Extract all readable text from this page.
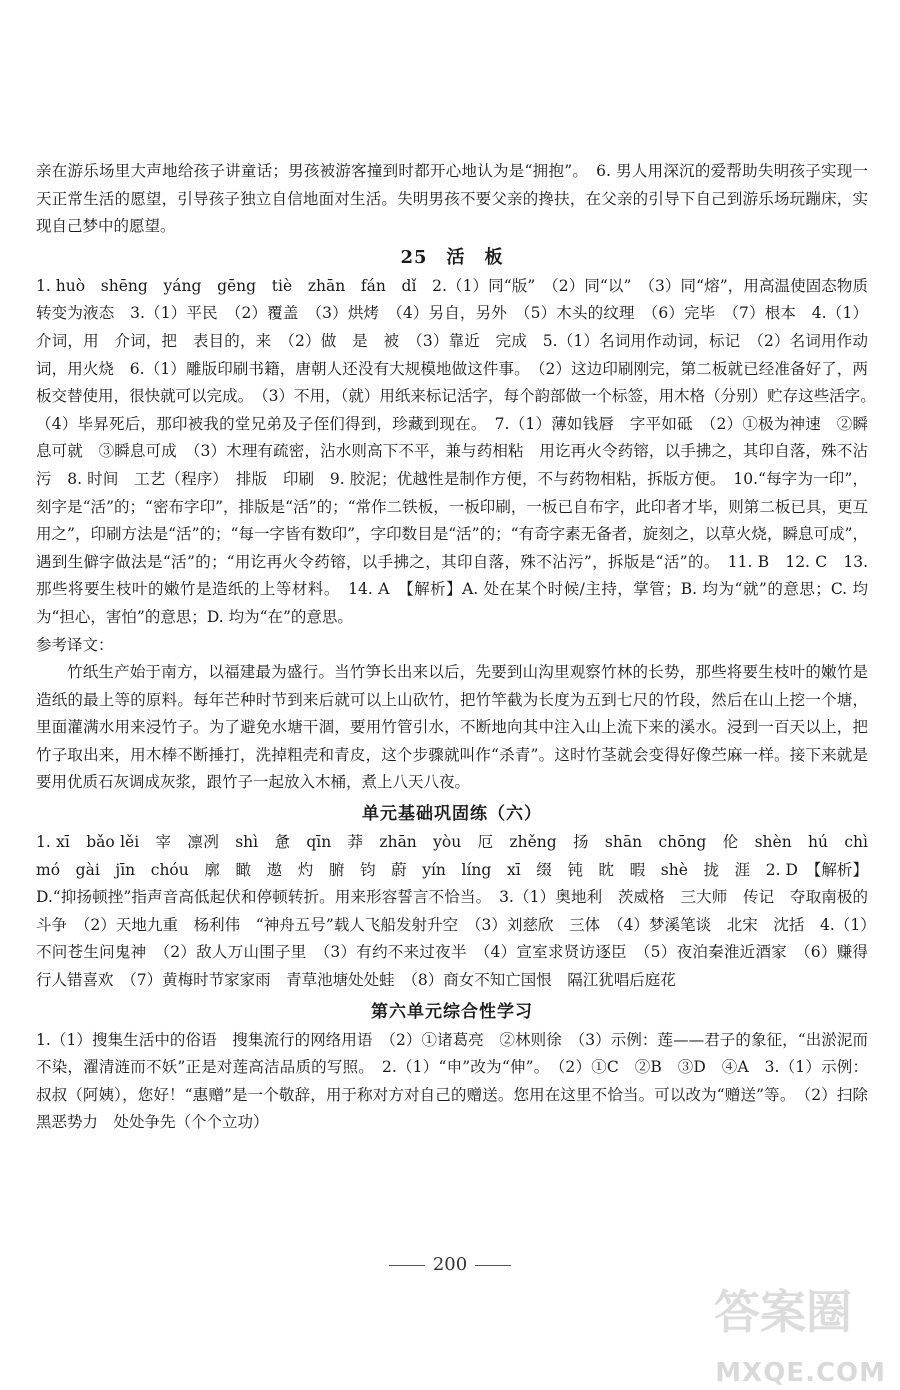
亲在游乐场里大声地给孩子讲童话；男孩被游客撞到时都开心地认为是“拥抱”。　6. 男人用深沉的爱帮助失明孩子实现一天正常生活的愿望，引导孩子独立自信地面对生活。失明男孩不要父亲的搀扶，在父亲的引导下自己到游乐场玩蹦床，实现自己梦中的愿望。

25　活　板

1. huò　shēng　yáng　gēng　tiè　zhān　fán　dǐ　2.（1）同“版”　（2）同“以”　（3）同“熔”，用高温使固态物质转变为液态　3.（1）平民　（2）覆盖　（3）烘烤　（4）另自，另外　（5）木头的纹理　（6）完毕　（7）根本　4.（1）介词，用　介词，把　表目的，来　（2）做　是　被　（3）靠近　完成　5.（1）名词用作动词，标记　（2）名词用作动词，用火烧　6.（1）雕版印刷书籍，唐朝人还没有大规模地做这件事。　（2）这边印刷刚完，第二板就已经准备好了，两板交替使用，很快就可以完成。　（3）不用，（就）用纸来标记活字，每个韵部做一个标签，用木格（分别）贮存这些活字。　（4）毕昇死后，那印被我的堂兄弟及子侄们得到，珍藏到现在。　7.（1）薄如钱唇　字平如砥　（2）①极为神速　②瞬息可就　③瞬息可成　（3）木理有疏密，沾水则高下不平，兼与药相粘　用讫再火令药镕，以手拂之，其印自落，殊不沾污　8. 时间　工艺（程序）　排版　印刷　9. 胶泥；优越性是制作方便，不与药物相粘，拆版方便。　10.“每字为一印”，刻字是“活”的；“密布字印”，排版是“活”的；“常作二铁板，一板印刷，一板已自布字，此印者才毕，则第二板已具，更互用之”，印刷方法是“活”的；“每一字皆有数印”，字印数目是“活”的；“有奇字素无备者，旋刻之，以草火烧，瞬息可成”，遇到生僻字做法是“活”的；“用讫再火令药镕，以手拂之，其印自落，殊不沾污”，拆版是“活”的。　11. B　12. C　13. 那些将要生枝叶的嫩竹是造纸的上等材料。　14. A　【解析】A. 处在某个时候/主持，掌管；B. 均为“就”的意思；C. 均为“担心，害怕”的意思；D. 均为“在”的意思。

参考译文：

竹纸生产始于南方，以福建最为盛行。当竹笋长出来以后，先要到山沟里观察竹林的长势，那些将要生枝叶的嫩竹是造纸的最上等的原料。每年芒种时节到来后就可以上山砍竹，把竹竿截为长度为五到七尺的竹段，然后在山上挖一个塘，里面灌满水用来浸竹子。为了避免水塘干涸，要用竹管引水，不断地向其中注入山上流下来的溪水。浸到一百天以上，把竹子取出来，用木棒不断捶打，洗掉粗壳和青皮，这个步骤就叫作“杀青”。这时竹茎就会变得好像苎麻一样。接下来就是要用优质石灰调成灰浆，跟竹子一起放入木桶，煮上八天八夜。

单元基础巩固练（六）

1. xī　bǎo lěi　宰　凛冽　shì　惫　qīn　莽　zhān　yòu　厄　zhěng　扬　shān　chōng　伦　shèn　hú　chì　mó　gài　jīn　chóu　廓　瞰　遨　灼　腑　钧　蔚　yín　líng　xī　缀　钝　眈　暇　shè　拢　涯　2. D　【解析】D.“抑扬顿挫”指声音高低起伏和停顿转折。用来形容誓言不恰当。　3.（1）奥地利　茨威格　三大师　传记　夺取南极的斗争　（2）天地九重　杨利伟　“神舟五号”载人飞船发射升空　（3）刘慈欣　三体　（4）梦溪笔谈　北宋　沈括　4.（1）不问苍生问鬼神　（2）敌人万山围子里　（3）有约不来过夜半　（4）宣室求贤访逐臣　（5）夜泊秦淮近酒家　（6）赚得行人错喜欢　（7）黄梅时节家家雨　青草池塘处处蛙　（8）商女不知亡国恨　隔江犹唱后庭花

第六单元综合性学习

1.（1）搜集生活中的俗语　搜集流行的网络用语　（2）①诸葛亮　②林则徐　（3）示例：莲——君子的象征，“出淤泥而不染，濯清涟而不妖”正是对莲高洁品质的写照。　2.（1）“申”改为“伸”。　（2）①C　②B　③D　④A　3.（1）示例：叔叔（阿姨），您好！“惠赠”是一个敬辞，用于称对方对自己的赠送。您用在这里不恰当。可以改为“赠送”等。　（2）扫除黑恶势力　处处争先（个个立功）

200
答案圈
MXQE.COM
